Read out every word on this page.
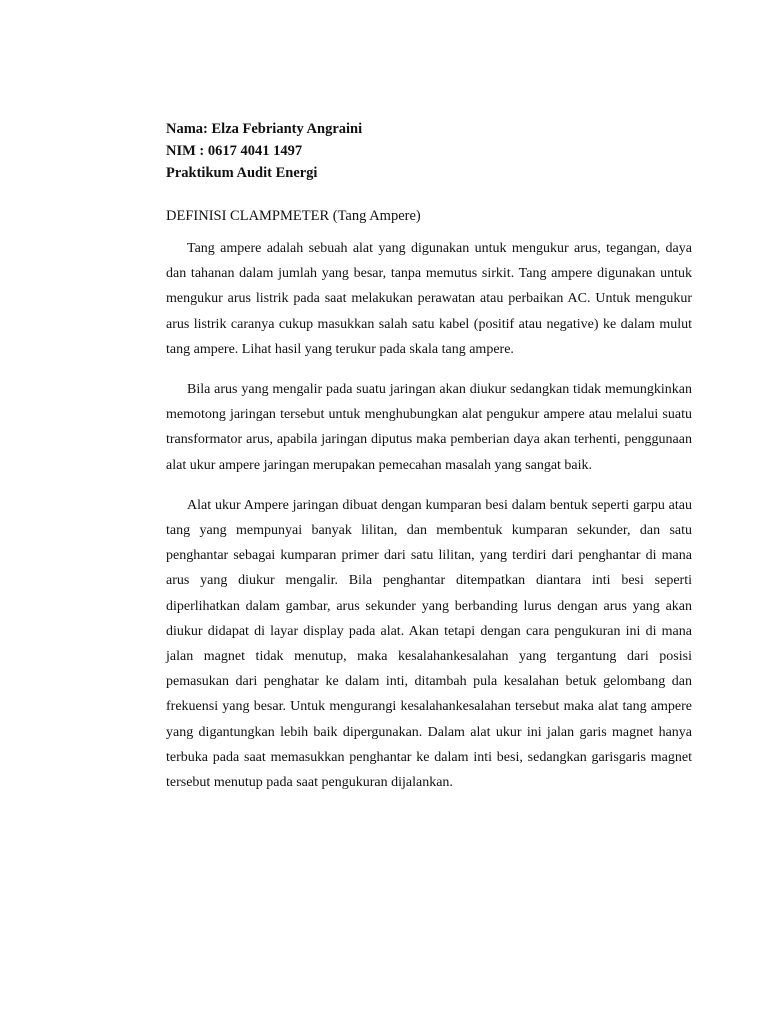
Nama: Elza Febrianty Angraini
NIM : 0617 4041 1497
Praktikum Audit Energi
DEFINISI CLAMPMETER (Tang Ampere)

Tang ampere adalah sebuah alat yang digunakan untuk mengukur arus, tegangan, daya dan tahanan dalam jumlah yang besar, tanpa memutus sirkit. Tang ampere digunakan untuk mengukur arus listrik pada saat melakukan perawatan atau perbaikan AC. Untuk mengukur arus listrik caranya cukup masukkan salah satu kabel (positif atau negative) ke dalam mulut tang ampere. Lihat hasil yang terukur pada skala tang ampere.

Bila arus yang mengalir pada suatu jaringan akan diukur sedangkan tidak memungkinkan memotong jaringan tersebut untuk menghubungkan alat pengukur ampere atau melalui suatu transformator arus, apabila jaringan diputus maka pemberian daya akan terhenti, penggunaan alat ukur ampere jaringan merupakan pemecahan masalah yang sangat baik.

Alat ukur Ampere jaringan dibuat dengan kumparan besi dalam bentuk seperti garpu atau tang yang mempunyai banyak lilitan, dan membentuk kumparan sekunder, dan satu penghantar sebagai kumparan primer dari satu lilitan, yang terdiri dari penghantar di mana arus yang diukur mengalir. Bila penghantar ditempatkan diantara inti besi seperti diperlihatkan dalam gambar, arus sekunder yang berbanding lurus dengan arus yang akan diukur didapat di layar display pada alat. Akan tetapi dengan cara pengukuran ini di mana jalan magnet tidak menutup, maka kesalahankesalahan yang tergantung dari posisi pemasukan dari penghatar ke dalam inti, ditambah pula kesalahan betuk gelombang dan frekuensi yang besar. Untuk mengurangi kesalahankesalahan tersebut maka alat tang ampere yang digantungkan lebih baik dipergunakan. Dalam alat ukur ini jalan garis magnet hanya terbuka pada saat memasukkan penghantar ke dalam inti besi, sedangkan garisgaris magnet tersebut menutup pada saat pengukuran dijalankan.
